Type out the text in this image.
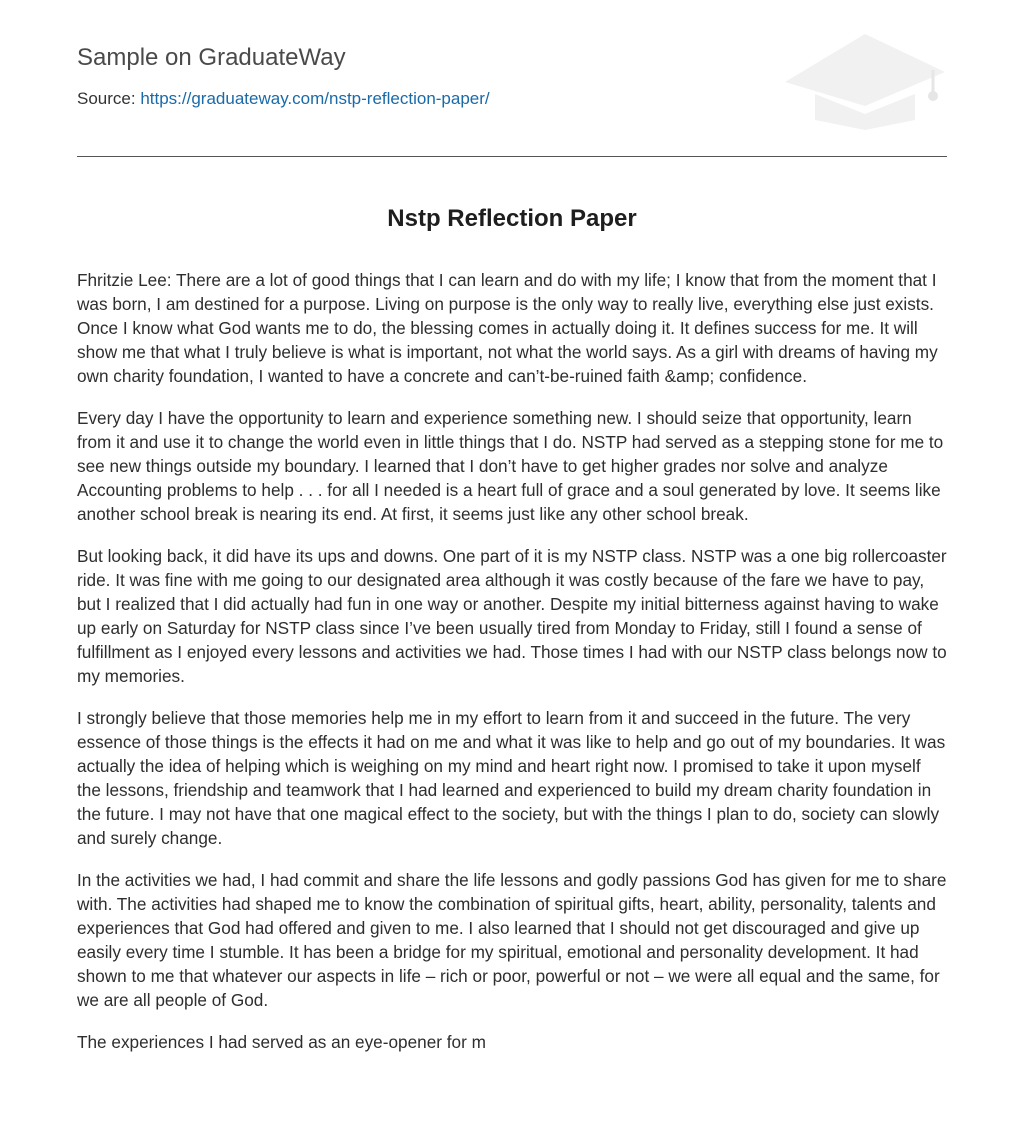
Sample on GraduateWay
Source: https://graduateway.com/nstp-reflection-paper/
Nstp Reflection Paper

Fhritzie Lee: There are a lot of good things that I can learn and do with my life; I know that from the moment that I was born, I am destined for a purpose. Living on purpose is the only way to really live, everything else just exists. Once I know what God wants me to do, the blessing comes in actually doing it. It defines success for me. It will show me that what I truly believe is what is important, not what the world says. As a girl with dreams of having my own charity foundation, I wanted to have a concrete and can’t-be-ruined faith &amp; confidence.

Every day I have the opportunity to learn and experience something new. I should seize that opportunity, learn from it and use it to change the world even in little things that I do. NSTP had served as a stepping stone for me to see new things outside my boundary. I learned that I don’t have to get higher grades nor solve and analyze Accounting problems to help . . . for all I needed is a heart full of grace and a soul generated by love. It seems like another school break is nearing its end. At first, it seems just like any other school break.

But looking back, it did have its ups and downs. One part of it is my NSTP class. NSTP was a one big rollercoaster ride. It was fine with me going to our designated area although it was costly because of the fare we have to pay, but I realized that I did actually had fun in one way or another. Despite my initial bitterness against having to wake up early on Saturday for NSTP class since I’ve been usually tired from Monday to Friday, still I found a sense of fulfillment as I enjoyed every lessons and activities we had. Those times I had with our NSTP class belongs now to my memories.

I strongly believe that those memories help me in my effort to learn from it and succeed in the future. The very essence of those things is the effects it had on me and what it was like to help and go out of my boundaries. It was actually the idea of helping which is weighing on my mind and heart right now. I promised to take it upon myself the lessons, friendship and teamwork that I had learned and experienced to build my dream charity foundation in the future. I may not have that one magical effect to the society, but with the things I plan to do, society can slowly and surely change.

In the activities we had, I had commit and share the life lessons and godly passions God has given for me to share with. The activities had shaped me to know the combination of spiritual gifts, heart, ability, personality, talents and experiences that God had offered and given to me. I also learned that I should not get discouraged and give up easily every time I stumble. It has been a bridge for my spiritual, emotional and personality development. It had shown to me that whatever our aspects in life – rich or poor, powerful or not – we were all equal and the same, for we are all people of God.

The experiences I had served as an eye-opener for m
